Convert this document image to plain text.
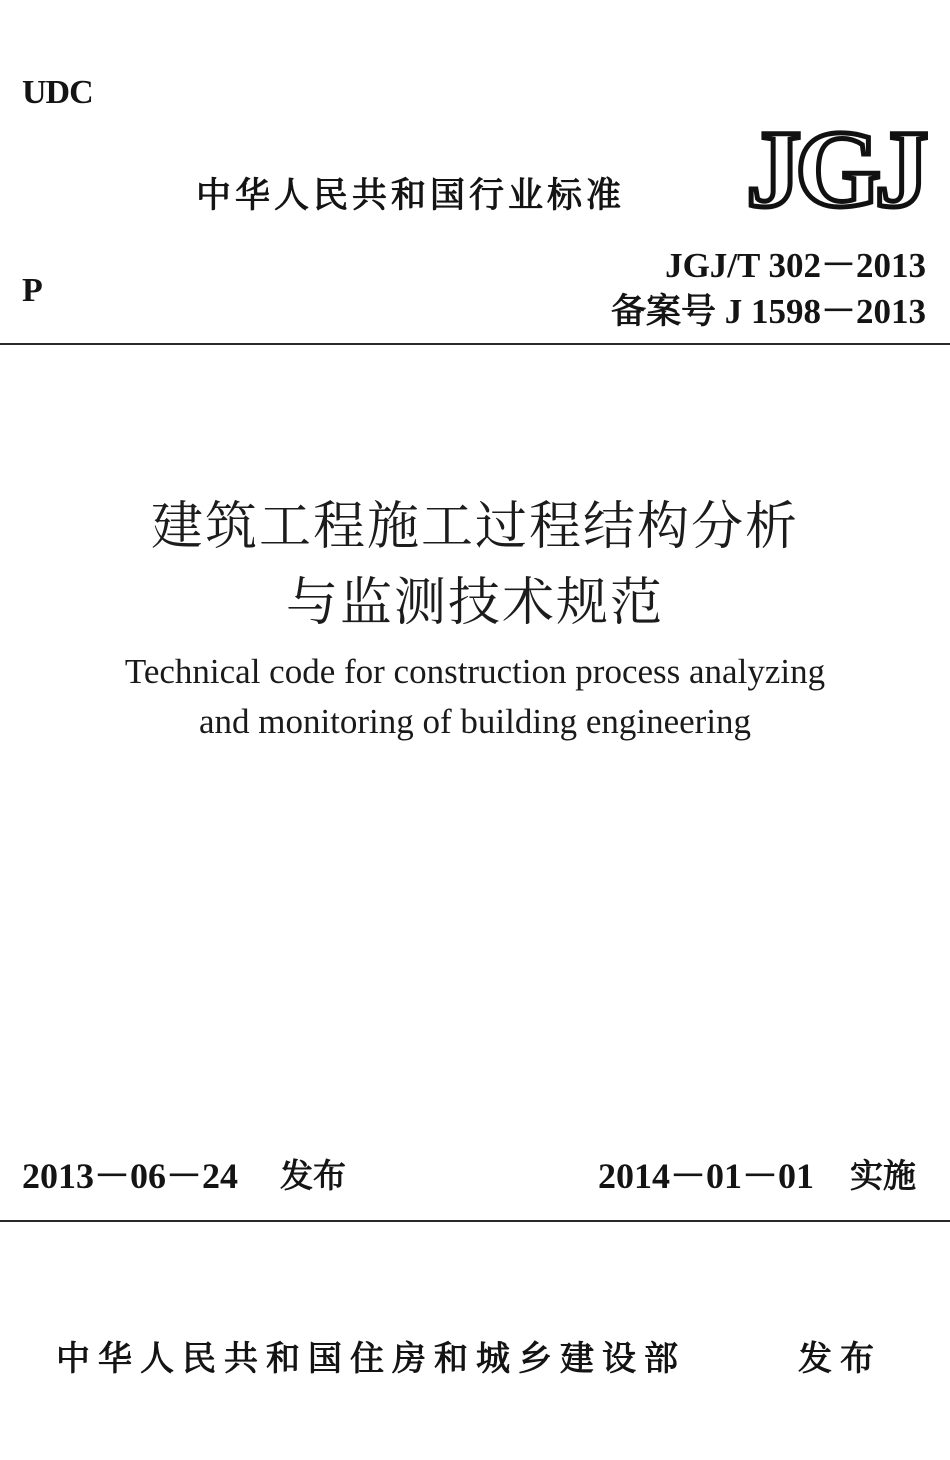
UDC
中华人民共和国行业标准 JGJ
JGJ/T 302－2013
P
备案号 J 1598－2013
建筑工程施工过程结构分析
与监测技术规范
Technical code for construction process analyzing
and monitoring of building engineering
2013－06－24 发布	2014－01－01 实施
中华人民共和国住房和城乡建设部	发布
